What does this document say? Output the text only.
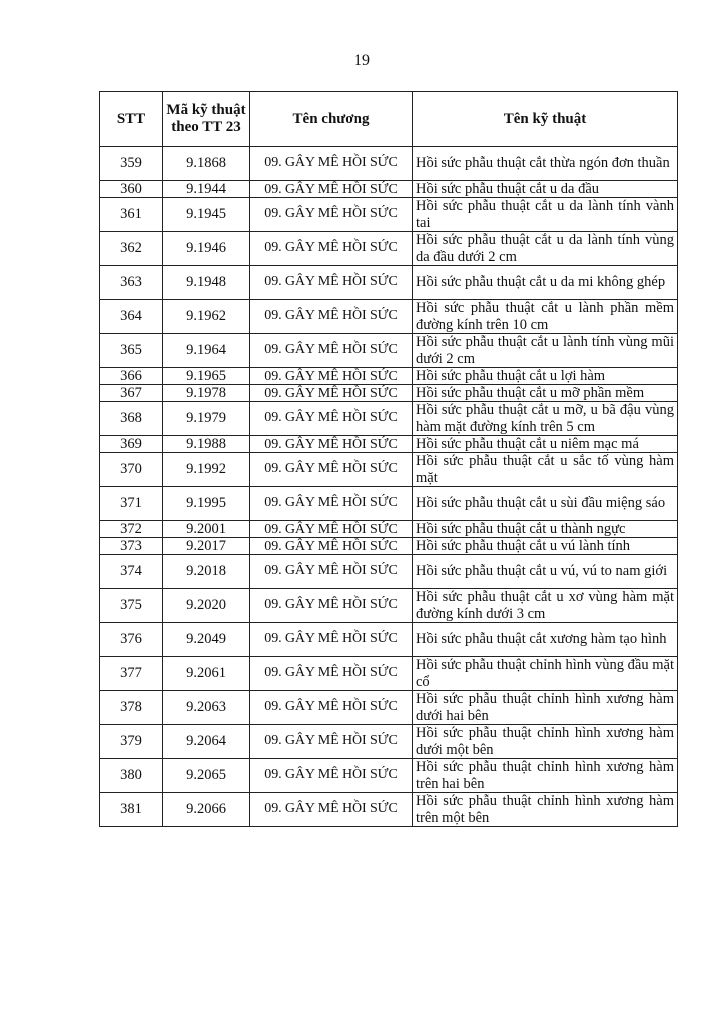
19
STT	Mã kỹ thuật theo TT 23	Tên chương	Tên kỹ thuật
359	9.1868	09. GÂY MÊ HỒI SỨC	Hồi sức phẫu thuật cắt thừa ngón đơn thuần
360	9.1944	09. GÂY MÊ HỒI SỨC	Hồi sức phẫu thuật cắt u da đầu
361	9.1945	09. GÂY MÊ HỒI SỨC	Hồi sức phẫu thuật cắt u da lành tính vành tai
362	9.1946	09. GÂY MÊ HỒI SỨC	Hồi sức phẫu thuật cắt u da lành tính vùng da đầu dưới 2 cm
363	9.1948	09. GÂY MÊ HỒI SỨC	Hồi sức phẫu thuật cắt u da mi không ghép
364	9.1962	09. GÂY MÊ HỒI SỨC	Hồi sức phẫu thuật cắt u lành phần mềm đường kính trên 10 cm
365	9.1964	09. GÂY MÊ HỒI SỨC	Hồi sức phẫu thuật cắt u lành tính vùng mũi dưới 2 cm
366	9.1965	09. GÂY MÊ HỒI SỨC	Hồi sức phẫu thuật cắt u lợi hàm
367	9.1978	09. GÂY MÊ HỒI SỨC	Hồi sức phẫu thuật cắt u mỡ phần mềm
368	9.1979	09. GÂY MÊ HỒI SỨC	Hồi sức phẫu thuật cắt u mỡ, u bã đậu vùng hàm mặt đường kính trên 5 cm
369	9.1988	09. GÂY MÊ HỒI SỨC	Hồi sức phẫu thuật cắt u niêm mạc má
370	9.1992	09. GÂY MÊ HỒI SỨC	Hồi sức phẫu thuật cắt u sắc tố vùng hàm mặt
371	9.1995	09. GÂY MÊ HỒI SỨC	Hồi sức phẫu thuật cắt u sùi đầu miệng sáo
372	9.2001	09. GÂY MÊ HỒI SỨC	Hồi sức phẫu thuật cắt u thành ngực
373	9.2017	09. GÂY MÊ HỒI SỨC	Hồi sức phẫu thuật cắt u vú lành tính
374	9.2018	09. GÂY MÊ HỒI SỨC	Hồi sức phẫu thuật cắt u vú, vú to nam giới
375	9.2020	09. GÂY MÊ HỒI SỨC	Hồi sức phẫu thuật cắt u xơ vùng hàm mặt đường kính dưới 3 cm
376	9.2049	09. GÂY MÊ HỒI SỨC	Hồi sức phẫu thuật cắt xương hàm tạo hình
377	9.2061	09. GÂY MÊ HỒI SỨC	Hồi sức phẫu thuật chỉnh hình vùng đầu mặt cổ
378	9.2063	09. GÂY MÊ HỒI SỨC	Hồi sức phẫu thuật chỉnh hình xương hàm dưới hai bên
379	9.2064	09. GÂY MÊ HỒI SỨC	Hồi sức phẫu thuật chỉnh hình xương hàm dưới một bên
380	9.2065	09. GÂY MÊ HỒI SỨC	Hồi sức phẫu thuật chỉnh hình xương hàm trên hai bên
381	9.2066	09. GÂY MÊ HỒI SỨC	Hồi sức phẫu thuật chỉnh hình xương hàm trên một bên
